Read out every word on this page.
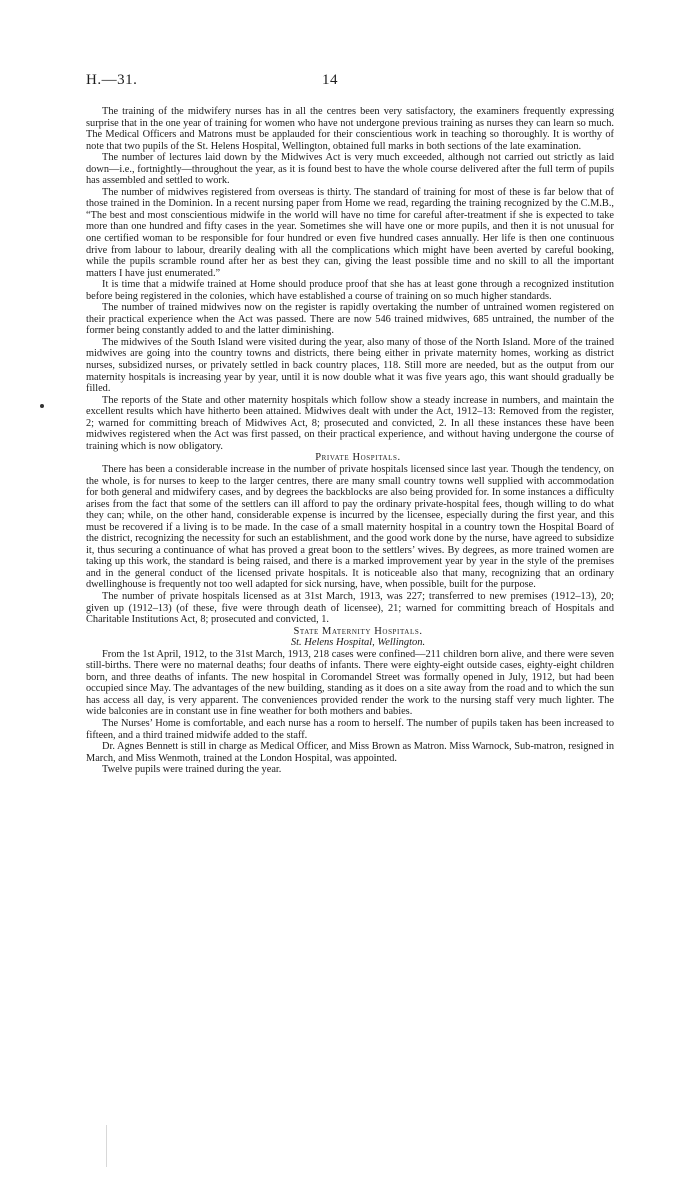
H.—31.	14

The training of the midwifery nurses has in all the centres been very satisfactory, the examiners frequently expressing surprise that in the one year of training for women who have not undergone previous training as nurses they can learn so much. The Medical Officers and Matrons must be applauded for their conscientious work in teaching so thoroughly. It is worthy of note that two pupils of the St. Helens Hospital, Wellington, obtained full marks in both sections of the late examination.

The number of lectures laid down by the Midwives Act is very much exceeded, although not carried out strictly as laid down—i.e., fortnightly—throughout the year, as it is found best to have the whole course delivered after the full term of pupils has assembled and settled to work.

The number of midwives registered from overseas is thirty. The standard of training for most of these is far below that of those trained in the Dominion. In a recent nursing paper from Home we read, regarding the training recognized by the C.M.B., “The best and most conscientious midwife in the world will have no time for careful after-treatment if she is expected to take more than one hundred and fifty cases in the year. Sometimes she will have one or more pupils, and then it is not unusual for one certified woman to be responsible for four hundred or even five hundred cases annually. Her life is then one continuous drive from labour to labour, drearily dealing with all the complications which might have been averted by careful booking, while the pupils scramble round after her as best they can, giving the least possible time and no skill to all the important matters I have just enumerated.”

It is time that a midwife trained at Home should produce proof that she has at least gone through a recognized institution before being registered in the colonies, which have established a course of training on so much higher standards.

The number of trained midwives now on the register is rapidly overtaking the number of untrained women registered on their practical experience when the Act was passed. There are now 546 trained midwives, 685 untrained, the number of the former being constantly added to and the latter diminishing.

The midwives of the South Island were visited during the year, also many of those of the North Island. More of the trained midwives are going into the country towns and districts, there being either in private maternity homes, working as district nurses, subsidized nurses, or privately settled in back country places, 118. Still more are needed, but as the output from our maternity hospitals is increasing year by year, until it is now double what it was five years ago, this want should gradually be filled.

The reports of the State and other maternity hospitals which follow show a steady increase in numbers, and maintain the excellent results which have hitherto been attained. Midwives dealt with under the Act, 1912–13: Removed from the register, 2; warned for committing breach of Midwives Act, 8; prosecuted and convicted, 2. In all these instances these have been midwives registered when the Act was first passed, on their practical experience, and without having undergone the course of training which is now obligatory.

Private Hospitals.

There has been a considerable increase in the number of private hospitals licensed since last year. Though the tendency, on the whole, is for nurses to keep to the larger centres, there are many small country towns well supplied with accommodation for both general and midwifery cases, and by degrees the backblocks are also being provided for. In some instances a difficulty arises from the fact that some of the settlers can ill afford to pay the ordinary private-hospital fees, though willing to do what they can; while, on the other hand, considerable expense is incurred by the licensee, especially during the first year, and this must be recovered if a living is to be made. In the case of a small maternity hospital in a country town the Hospital Board of the district, recognizing the necessity for such an establishment, and the good work done by the nurse, have agreed to subsidize it, thus securing a continuance of what has proved a great boon to the settlers’ wives. By degrees, as more trained women are taking up this work, the standard is being raised, and there is a marked improvement year by year in the style of the premises and in the general conduct of the licensed private hospitals. It is noticeable also that many, recognizing that an ordinary dwellinghouse is frequently not too well adapted for sick nursing, have, when possible, built for the purpose.

The number of private hospitals licensed as at 31st March, 1913, was 227; transferred to new premises (1912–13), 20; given up (1912–13) (of these, five were through death of licensee), 21; warned for committing breach of Hospitals and Charitable Institutions Act, 8; prosecuted and convicted, 1.

State Maternity Hospitals.

St. Helens Hospital, Wellington.

From the 1st April, 1912, to the 31st March, 1913, 218 cases were confined—211 children born alive, and there were seven still-births. There were no maternal deaths; four deaths of infants. There were eighty-eight outside cases, eighty-eight children born, and three deaths of infants. The new hospital in Coromandel Street was formally opened in July, 1912, but had been occupied since May. The advantages of the new building, standing as it does on a site away from the road and to which the sun has access all day, is very apparent. The conveniences provided render the work to the nursing staff very much lighter. The wide balconies are in constant use in fine weather for both mothers and babies.

The Nurses’ Home is comfortable, and each nurse has a room to herself. The number of pupils taken has been increased to fifteen, and a third trained midwife added to the staff.

Dr. Agnes Bennett is still in charge as Medical Officer, and Miss Brown as Matron. Miss Warnock, Sub-matron, resigned in March, and Miss Wenmoth, trained at the London Hospital, was appointed.

Twelve pupils were trained during the year.
